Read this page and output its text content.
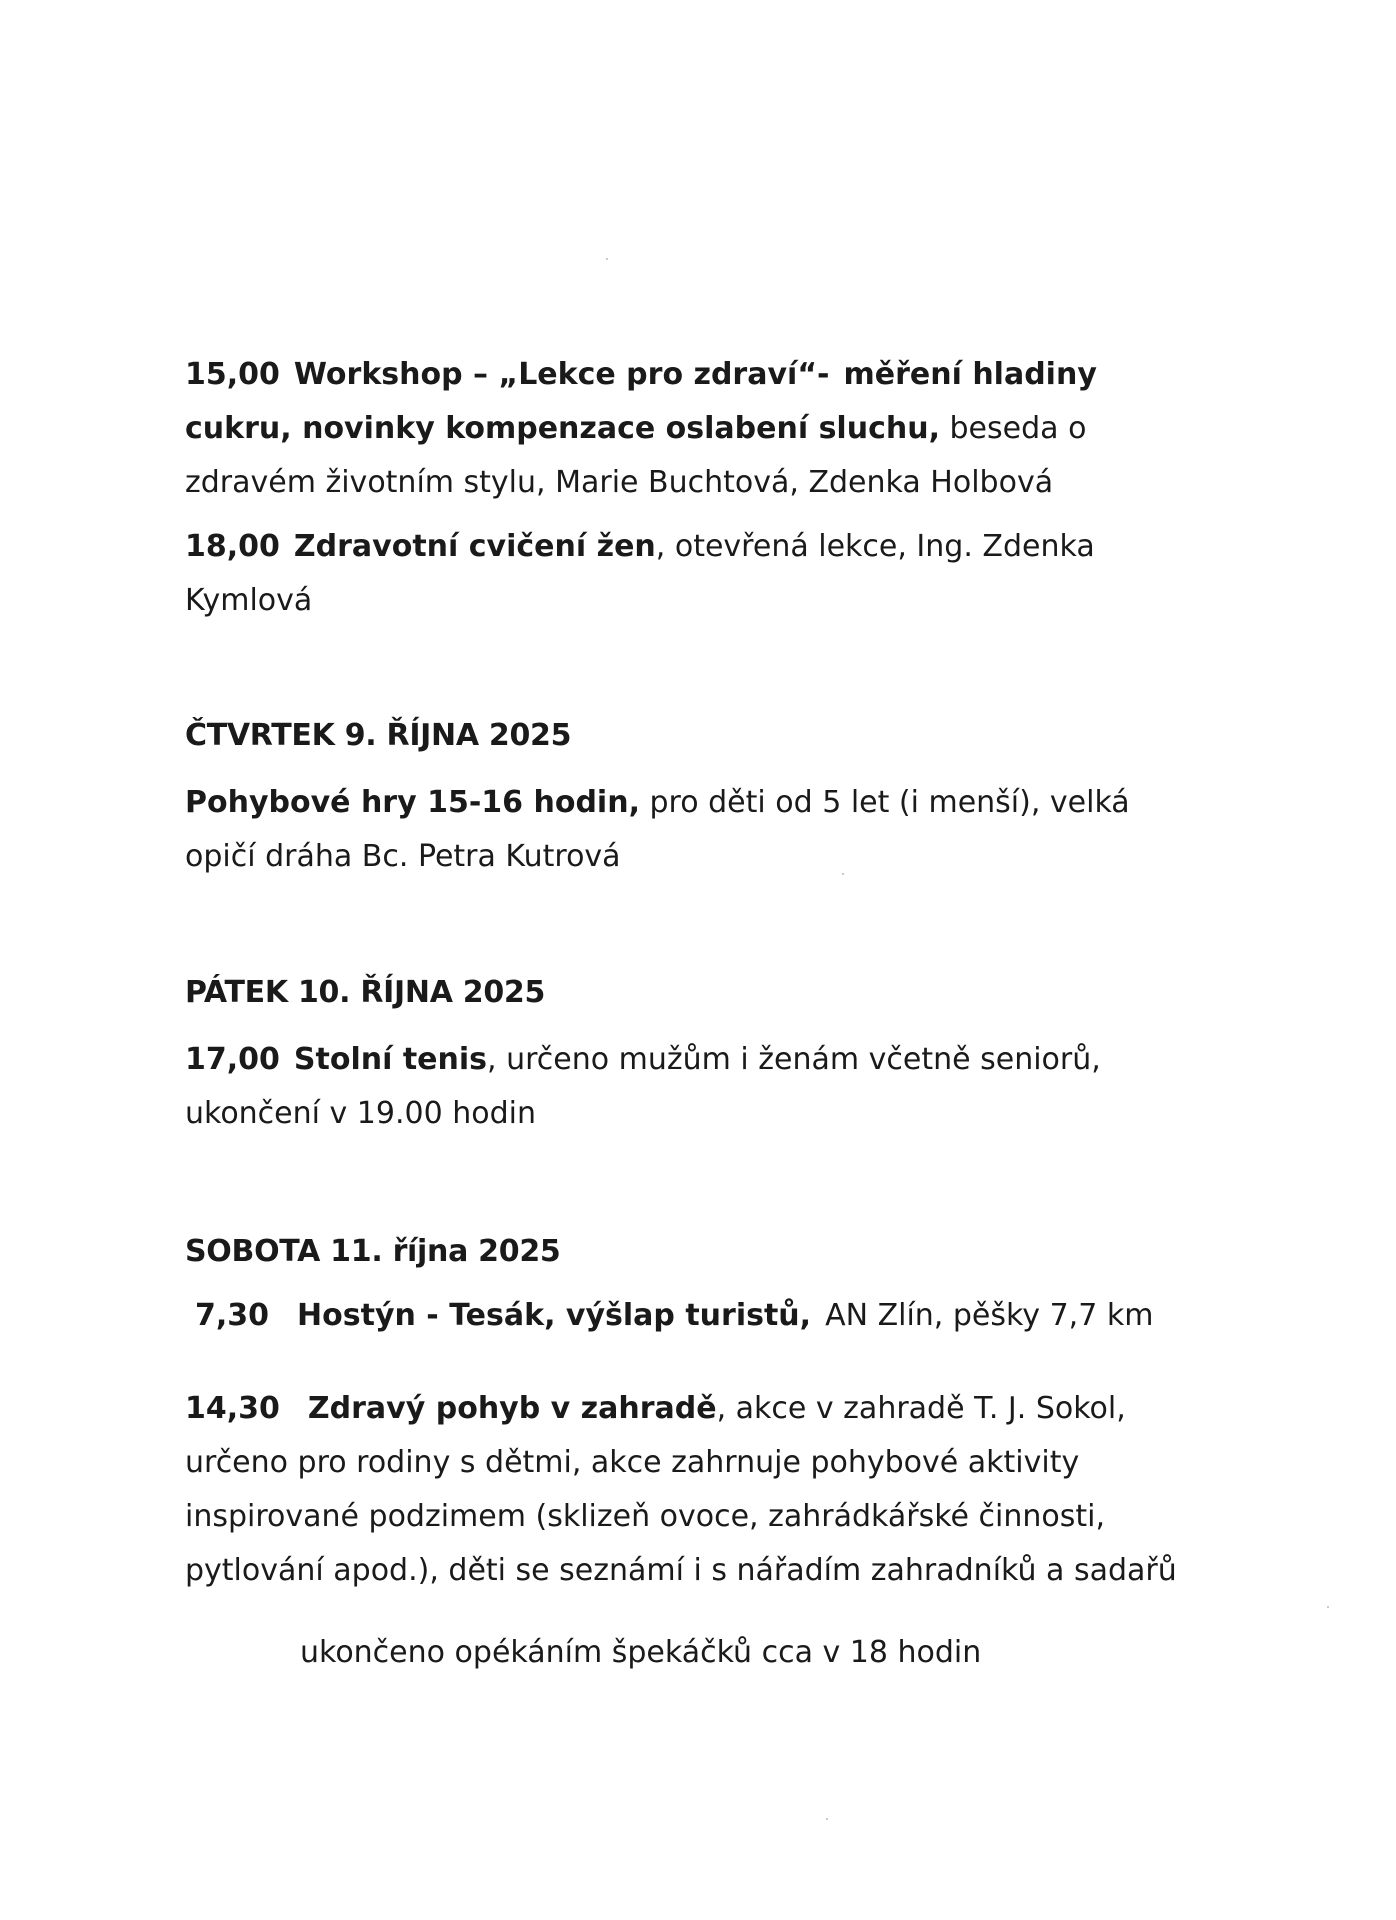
15,00 Workshop – „Lekce pro zdraví“- měření hladiny cukru, novinky kompenzace oslabení sluchu, beseda o zdravém životním stylu, Marie Buchtová, Zdenka Holbová
18,00 Zdravotní cvičení žen, otevřená lekce, Ing. Zdenka Kymlová
ČTVRTEK 9. ŘÍJNA 2025
Pohybové hry 15-16 hodin, pro děti od 5 let (i menší), velká opičí dráha Bc. Petra Kutrová
PÁTEK 10. ŘÍJNA 2025
17,00 Stolní tenis, určeno mužům i ženám včetně seniorů, ukončení v 19.00 hodin
SOBOTA 11. října 2025
7,30 Hostýn - Tesák, výšlap turistů, AN Zlín, pěšky 7,7 km
14,30 Zdravý pohyb v zahradě, akce v zahradě T. J. Sokol, určeno pro rodiny s dětmi, akce zahrnuje pohybové aktivity inspirované podzimem (sklizeň ovoce, zahrádkářské činnosti, pytlování apod.), děti se seznámí i s nářadím zahradníků a sadařů
ukončeno opékáním špekáčků cca v 18 hodin
